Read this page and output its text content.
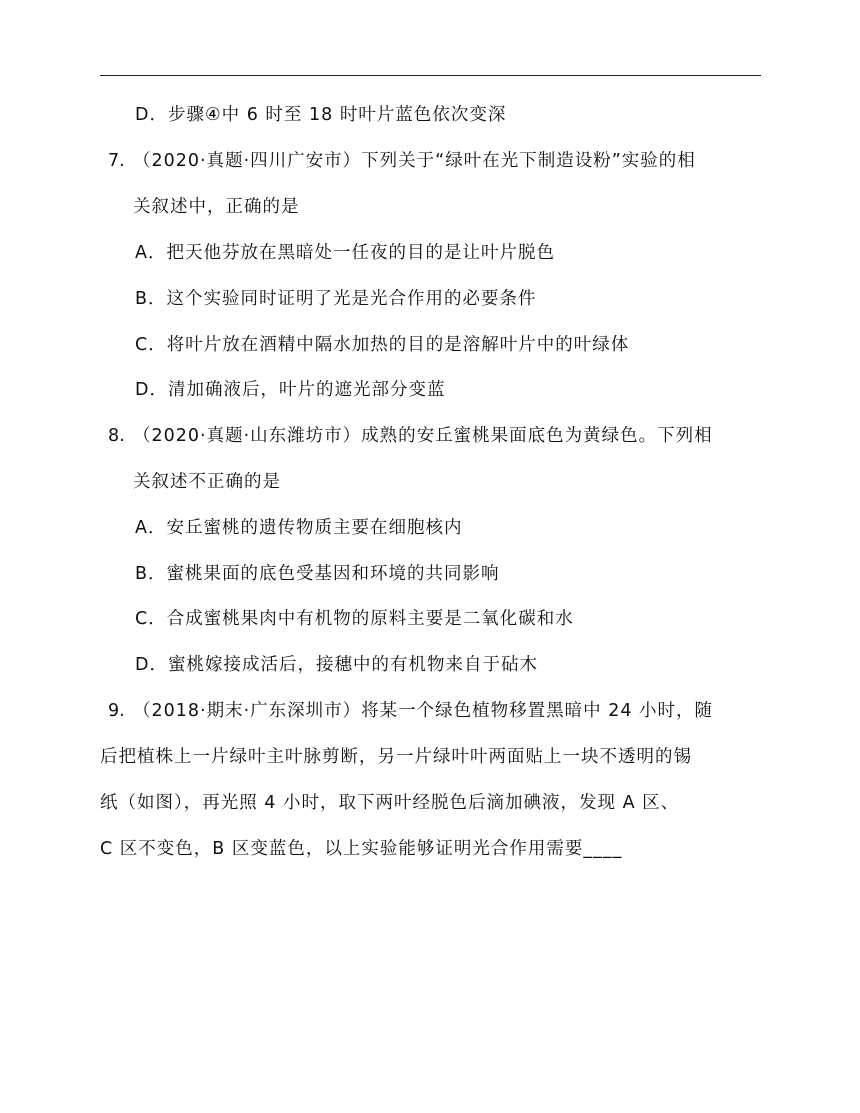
D．步骤④中 6 时至 18 时叶片蓝色依次变深
7. （2020·真题·四川广安市）下列关于“绿叶在光下制造设粉”实验的相
关叙述中，正确的是
A．把天他芬放在黑暗处一任夜的目的是让叶片脱色
B．这个实验同时证明了光是光合作用的必要条件
C．将叶片放在酒精中隔水加热的目的是溶解叶片中的叶绿体
D．清加确液后，叶片的遮光部分变蓝
8. （2020·真题·山东潍坊市）成熟的安丘蜜桃果面底色为黄绿色。下列相
关叙述不正确的是
A．安丘蜜桃的遗传物质主要在细胞核内
B．蜜桃果面的底色受基因和环境的共同影响
C．合成蜜桃果肉中有机物的原料主要是二氧化碳和水
D．蜜桃嫁接成活后，接穗中的有机物来自于砧木
9. （2018·期末·广东深圳市）将某一个绿色植物移置黑暗中 24 小时，随
后把植株上一片绿叶主叶脉剪断，另一片绿叶叶两面贴上一块不透明的锡
纸（如图），再光照 4 小时，取下两叶经脱色后滴加碘液，发现 A 区、
C 区不变色，B 区变蓝色，以上实验能够证明光合作用需要____
